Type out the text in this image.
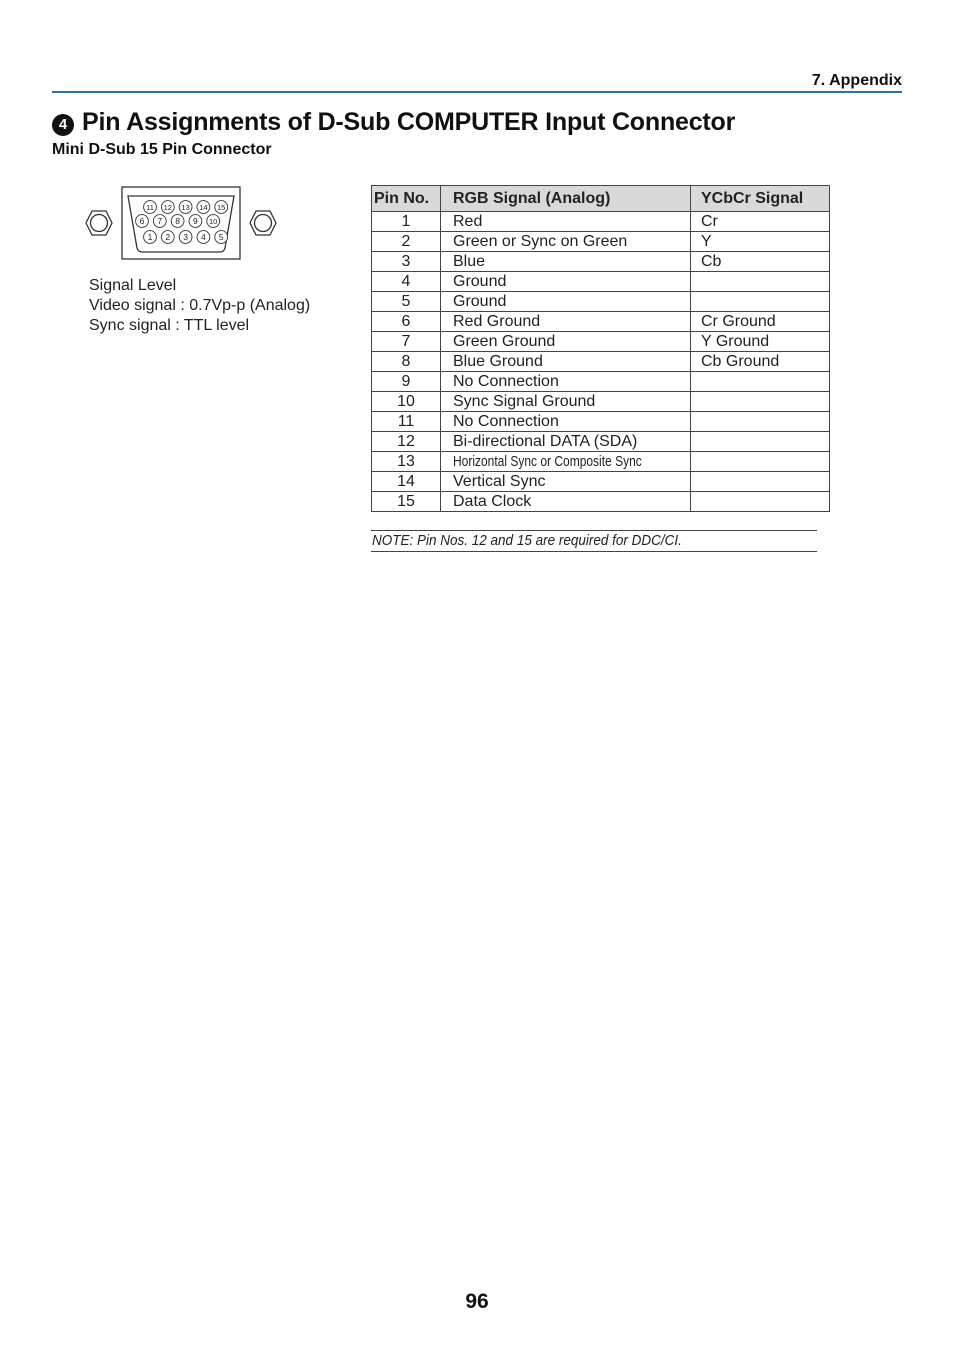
7. Appendix
4 Pin Assignments of D-Sub COMPUTER Input Connector
Mini D-Sub 15 Pin Connector
11 12 13 14 15
6 7 8 9 10
1 2 3 4 5
Signal Level
Video signal : 0.7Vp-p (Analog)
Sync signal : TTL level
Pin No.	RGB Signal (Analog)	YCbCr Signal
1	Red	Cr
2	Green or Sync on Green	Y
3	Blue	Cb
4	Ground	
5	Ground	
6	Red Ground	Cr Ground
7	Green Ground	Y Ground
8	Blue Ground	Cb Ground
9	No Connection	
10	Sync Signal Ground	
11	No Connection	
12	Bi-directional DATA (SDA)	
13	Horizontal Sync or Composite Sync	
14	Vertical Sync	
15	Data Clock	
NOTE: Pin Nos. 12 and 15 are required for DDC/CI.
96
